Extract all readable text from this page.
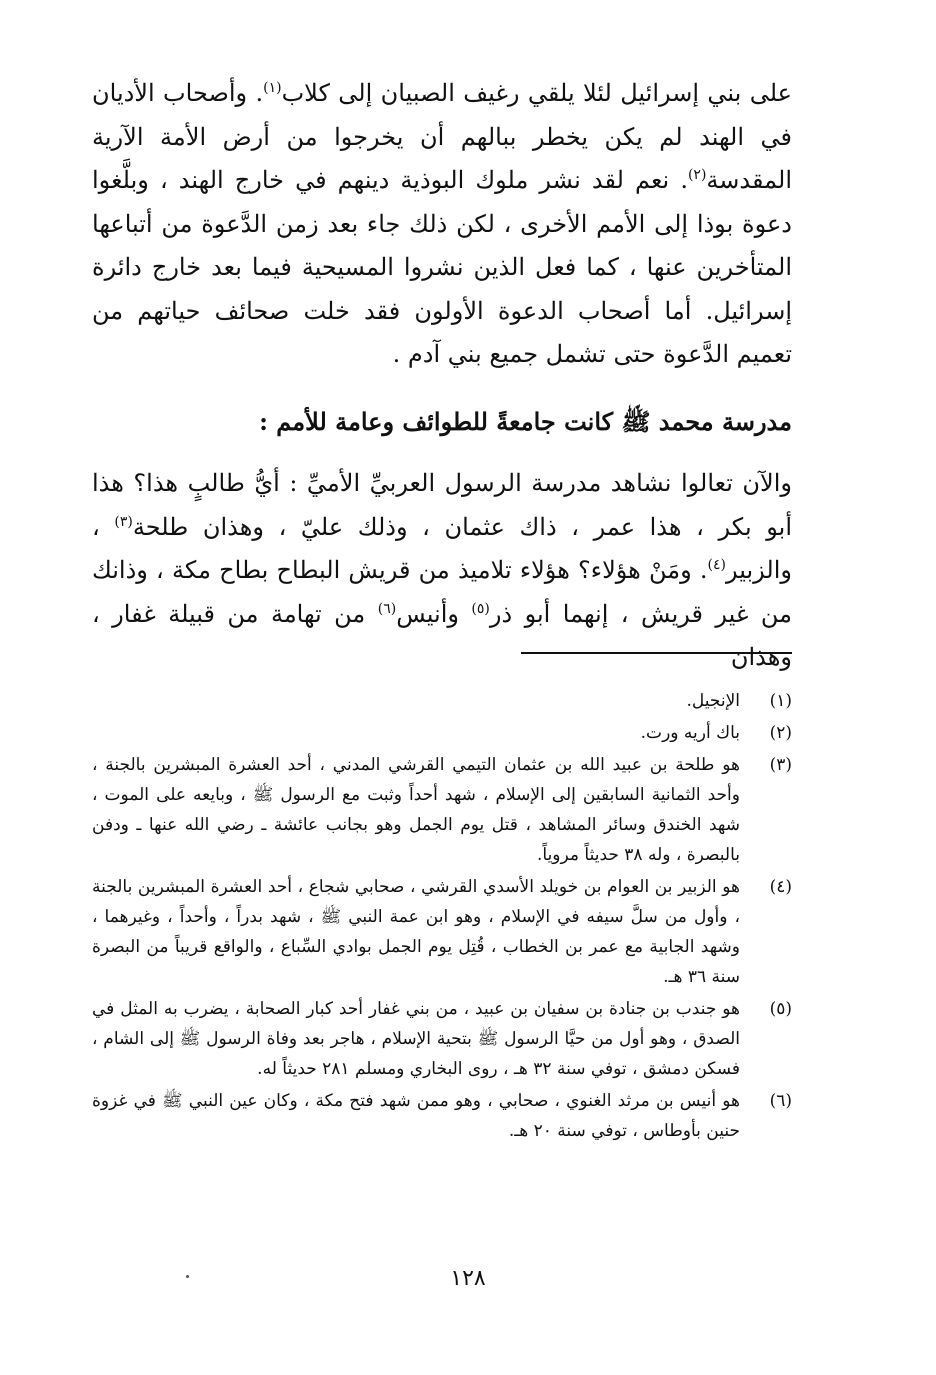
على بني إسرائيل لئلا يلقي رغيف الصبيان إلى كلاب$^{(١)}$. وأصحاب الأديان في الهند لم يكن يخطر ببالهم أن يخرجوا من أرض الأمة الآرية المقدسة$^{(٢)}$. نعم لقد نشر ملوك البوذية دينهم في خارج الهند ، وبلَّغوا دعوة بوذا إلى الأمم الأخرى ، لكن ذلك جاء بعد زمن الدَّعوة من أتباعها المتأخرين عنها ، كما فعل الذين نشروا المسيحية فيما بعد خارج دائرة إسرائيل. أما أصحاب الدعوة الأولون فقد خلت صحائف حياتهم من تعميم الدَّعوة حتى تشمل جميع بني آدم .

مدرسة محمد ﷺ كانت جامعةً للطوائف وعامة للأمم :

والآن تعالوا نشاهد مدرسة الرسول العربيِّ الأميِّ : أيُّ طالبٍ هذا؟ هذا أبو بكر ، هذا عمر ، ذاك عثمان ، وذلك عليّ ، وهذان طلحة$^{(٣)}$ ، والزبير$^{(٤)}$. ومَنْ هؤلاء؟ هؤلاء تلاميذ من قريش البطاح بطاح مكة ، وذانك من غير قريش ، إنهما أبو ذر$^{(٥)}$ وأنيس$^{(٦)}$ من تهامة من قبيلة غفار ، وهذان

(١)
الإنجيل.
(٢)
باك أريه ورت.
(٣)
هو طلحة بن عبيد الله بن عثمان التيمي القرشي المدني ، أحد العشرة المبشرين بالجنة ، وأحد الثمانية السابقين إلى الإسلام ، شهد أحداً وثبت مع الرسول ﷺ ، وبايعه على الموت ، شهد الخندق وسائر المشاهد ، قتل يوم الجمل وهو بجانب عائشة ـ رضي الله عنها ـ ودفن بالبصرة ، وله ٣٨ حديثاً مروياً.
(٤)
هو الزبير بن العوام بن خويلد الأسدي القرشي ، صحابي شجاع ، أحد العشرة المبشرين بالجنة ، وأول من سلَّ سيفه في الإسلام ، وهو ابن عمة النبي ﷺ ، شهد بدراً ، وأحداً ، وغيرهما ، وشهد الجابية مع عمر بن الخطاب ، قُتِل يوم الجمل بوادي السِّباع ، والواقع قريباً من البصرة سنة ٣٦ هـ.
(٥)
هو جندب بن جنادة بن سفيان بن عبيد ، من بني غفار أحد كبار الصحابة ، يضرب به المثل في الصدق ، وهو أول من حيَّا الرسول ﷺ بتحية الإسلام ، هاجر بعد وفاة الرسول ﷺ إلى الشام ، فسكن دمشق ، توفي سنة ٣٢ هـ ، روى البخاري ومسلم ٢٨١ حديثاً له.
(٦)
هو أنيس بن مرثد الغنوي ، صحابي ، وهو ممن شهد فتح مكة ، وكان عين النبي ﷺ في غزوة حنين بأوطاس ، توفي سنة ٢٠ هـ.
١٢٨
